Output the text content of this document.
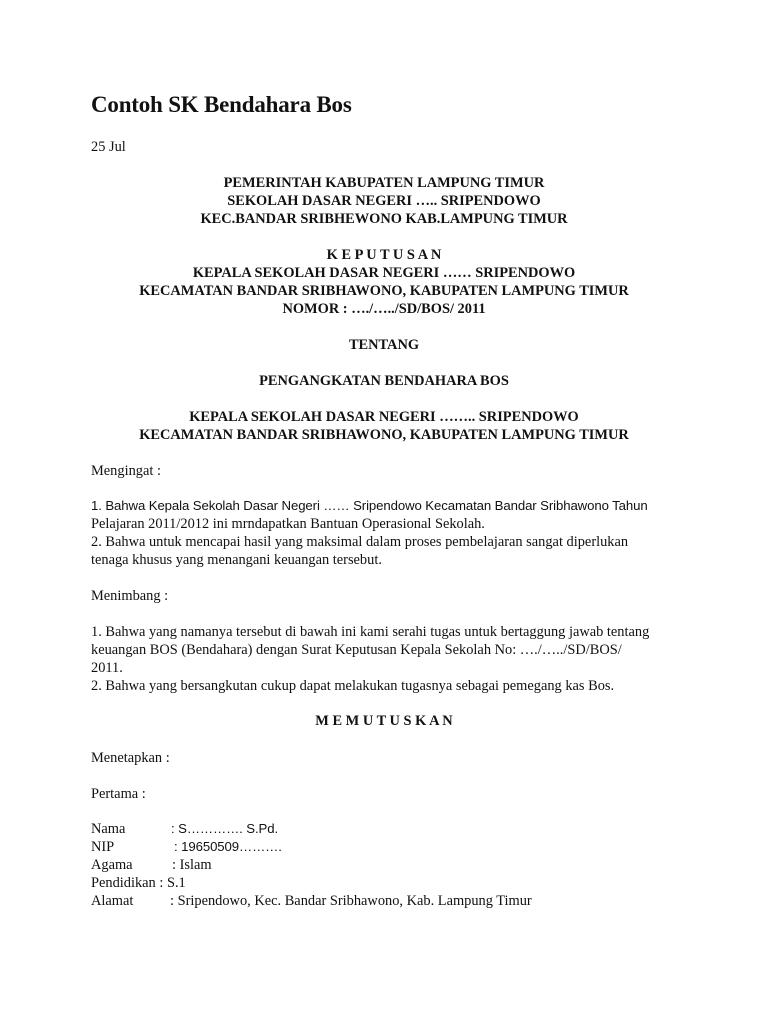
Contoh SK Bendahara Bos
25 Jul
PEMERINTAH KABUPATEN LAMPUNG TIMUR
SEKOLAH DASAR NEGERI ….. SRIPENDOWO
KEC.BANDAR SRIBHEWONO KAB.LAMPUNG TIMUR
K E P U T U S A N
KEPALA SEKOLAH DASAR NEGERI …… SRIPENDOWO
KECAMATAN BANDAR SRIBHAWONO, KABUPATEN LAMPUNG TIMUR
NOMOR : …./…../SD/BOS/ 2011
TENTANG
PENGANGKATAN BENDAHARA BOS
KEPALA SEKOLAH DASAR NEGERI …….. SRIPENDOWO
KECAMATAN BANDAR SRIBHAWONO, KABUPATEN LAMPUNG TIMUR
Mengingat :
1. Bahwa Kepala Sekolah Dasar Negeri …… Sripendowo Kecamatan Bandar Sribhawono Tahun
Pelajaran 2011/2012 ini mrndapatkan Bantuan Operasional Sekolah.
2. Bahwa untuk mencapai hasil yang maksimal dalam proses pembelajaran sangat diperlukan
tenaga khusus yang menangani keuangan tersebut.
Menimbang :
1. Bahwa yang namanya tersebut di bawah ini kami serahi tugas untuk bertaggung jawab tentang
keuangan BOS (Bendahara) dengan Surat Keputusan Kepala Sekolah No: …./…../SD/BOS/
2011.
2. Bahwa yang bersangkutan cukup dapat melakukan tugasnya sebagai pemegang kas Bos.
M E M U T U S K A N
Menetapkan :
Pertama :
Nama	: S…………. S.Pd.
NIP	: 19650509……….
Agama	: Islam
Pendidikan : S.1
Alamat	: Sripendowo, Kec. Bandar Sribhawono, Kab. Lampung Timur
